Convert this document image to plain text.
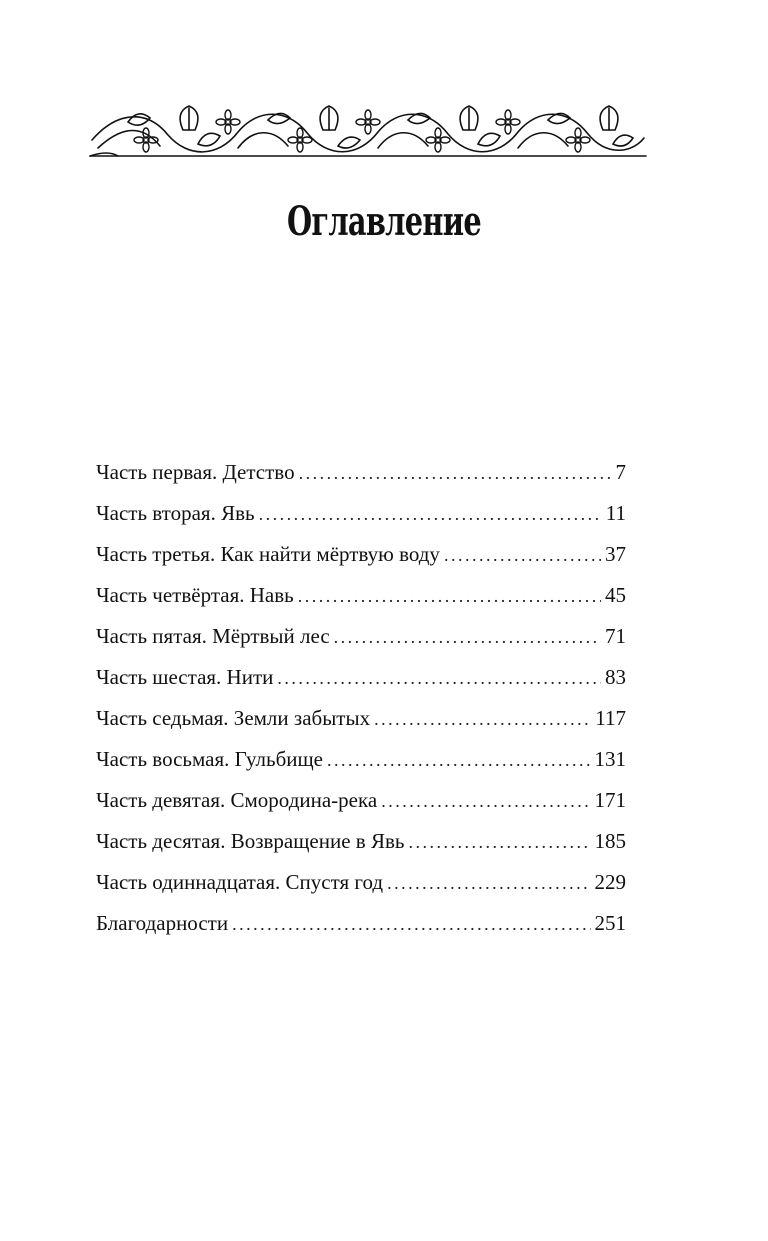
Оглавление
Часть первая. Детство . . .	7
Часть вторая. Явь . . .	11
Часть третья. Как найти мёртвую воду . . .	37
Часть четвёртая. Навь . . .	45
Часть пятая. Мёртвый лес . . .	71
Часть шестая. Нити . . .	83
Часть седьмая. Земли забытых . . .	117
Часть восьмая. Гульбище . . .	131
Часть девятая. Смородина-река . . .	171
Часть десятая. Возвращение в Явь . . .	185
Часть одиннадцатая. Спустя год . . .	229
Благодарности . . .	251
